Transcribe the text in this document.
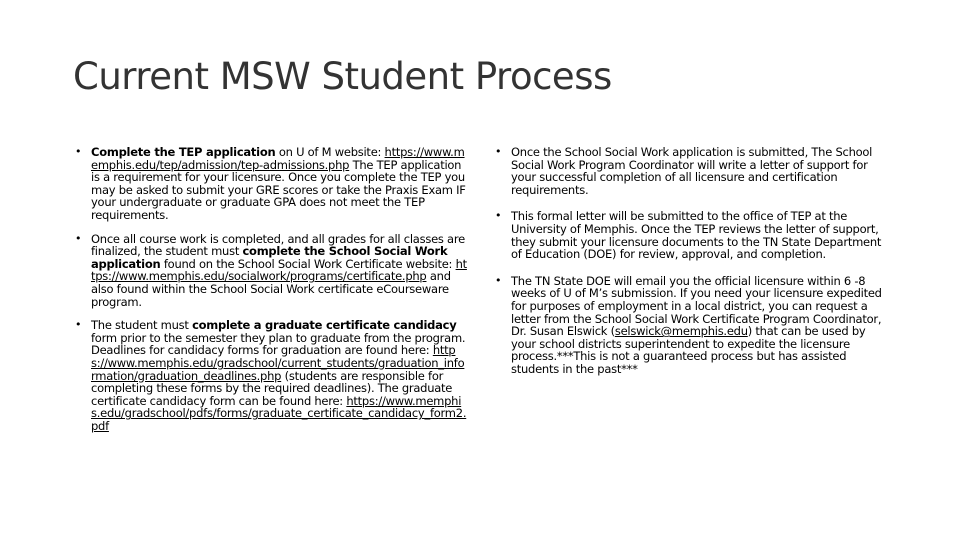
Current MSW Student Process
• Complete the TEP application on U of M website: https://www.memphis.edu/tep/admission/tep-admissions.php The TEP application is a requirement for your licensure. Once you complete the TEP you may be asked to submit your GRE scores or take the Praxis Exam IF your undergraduate or graduate GPA does not meet the TEP requirements.
• Once all course work is completed, and all grades for all classes are finalized, the student must complete the School Social Work application found on the School Social Work Certificate website: https://www.memphis.edu/socialwork/programs/certificate.php and also found within the School Social Work certificate eCourseware program.
• The student must complete a graduate certificate candidacy form prior to the semester they plan to graduate from the program. Deadlines for candidacy forms for graduation are found here: https://www.memphis.edu/gradschool/current_students/graduation_information/graduation_deadlines.php (students are responsible for completing these forms by the required deadlines). The graduate certificate candidacy form can be found here: https://www.memphis.edu/gradschool/pdfs/forms/graduate_certificate_candidacy_form2.pdf
• Once the School Social Work application is submitted, The School Social Work Program Coordinator will write a letter of support for your successful completion of all licensure and certification requirements.
• This formal letter will be submitted to the office of TEP at the University of Memphis. Once the TEP reviews the letter of support, they submit your licensure documents to the TN State Department of Education (DOE) for review, approval, and completion.
• The TN State DOE will email you the official licensure within 6 -8 weeks of U of M’s submission. If you need your licensure expedited for purposes of employment in a local district, you can request a letter from the School Social Work Certificate Program Coordinator, Dr. Susan Elswick (selswick@memphis.edu) that can be used by your school districts superintendent to expedite the licensure process.***This is not a guaranteed process but has assisted students in the past***
